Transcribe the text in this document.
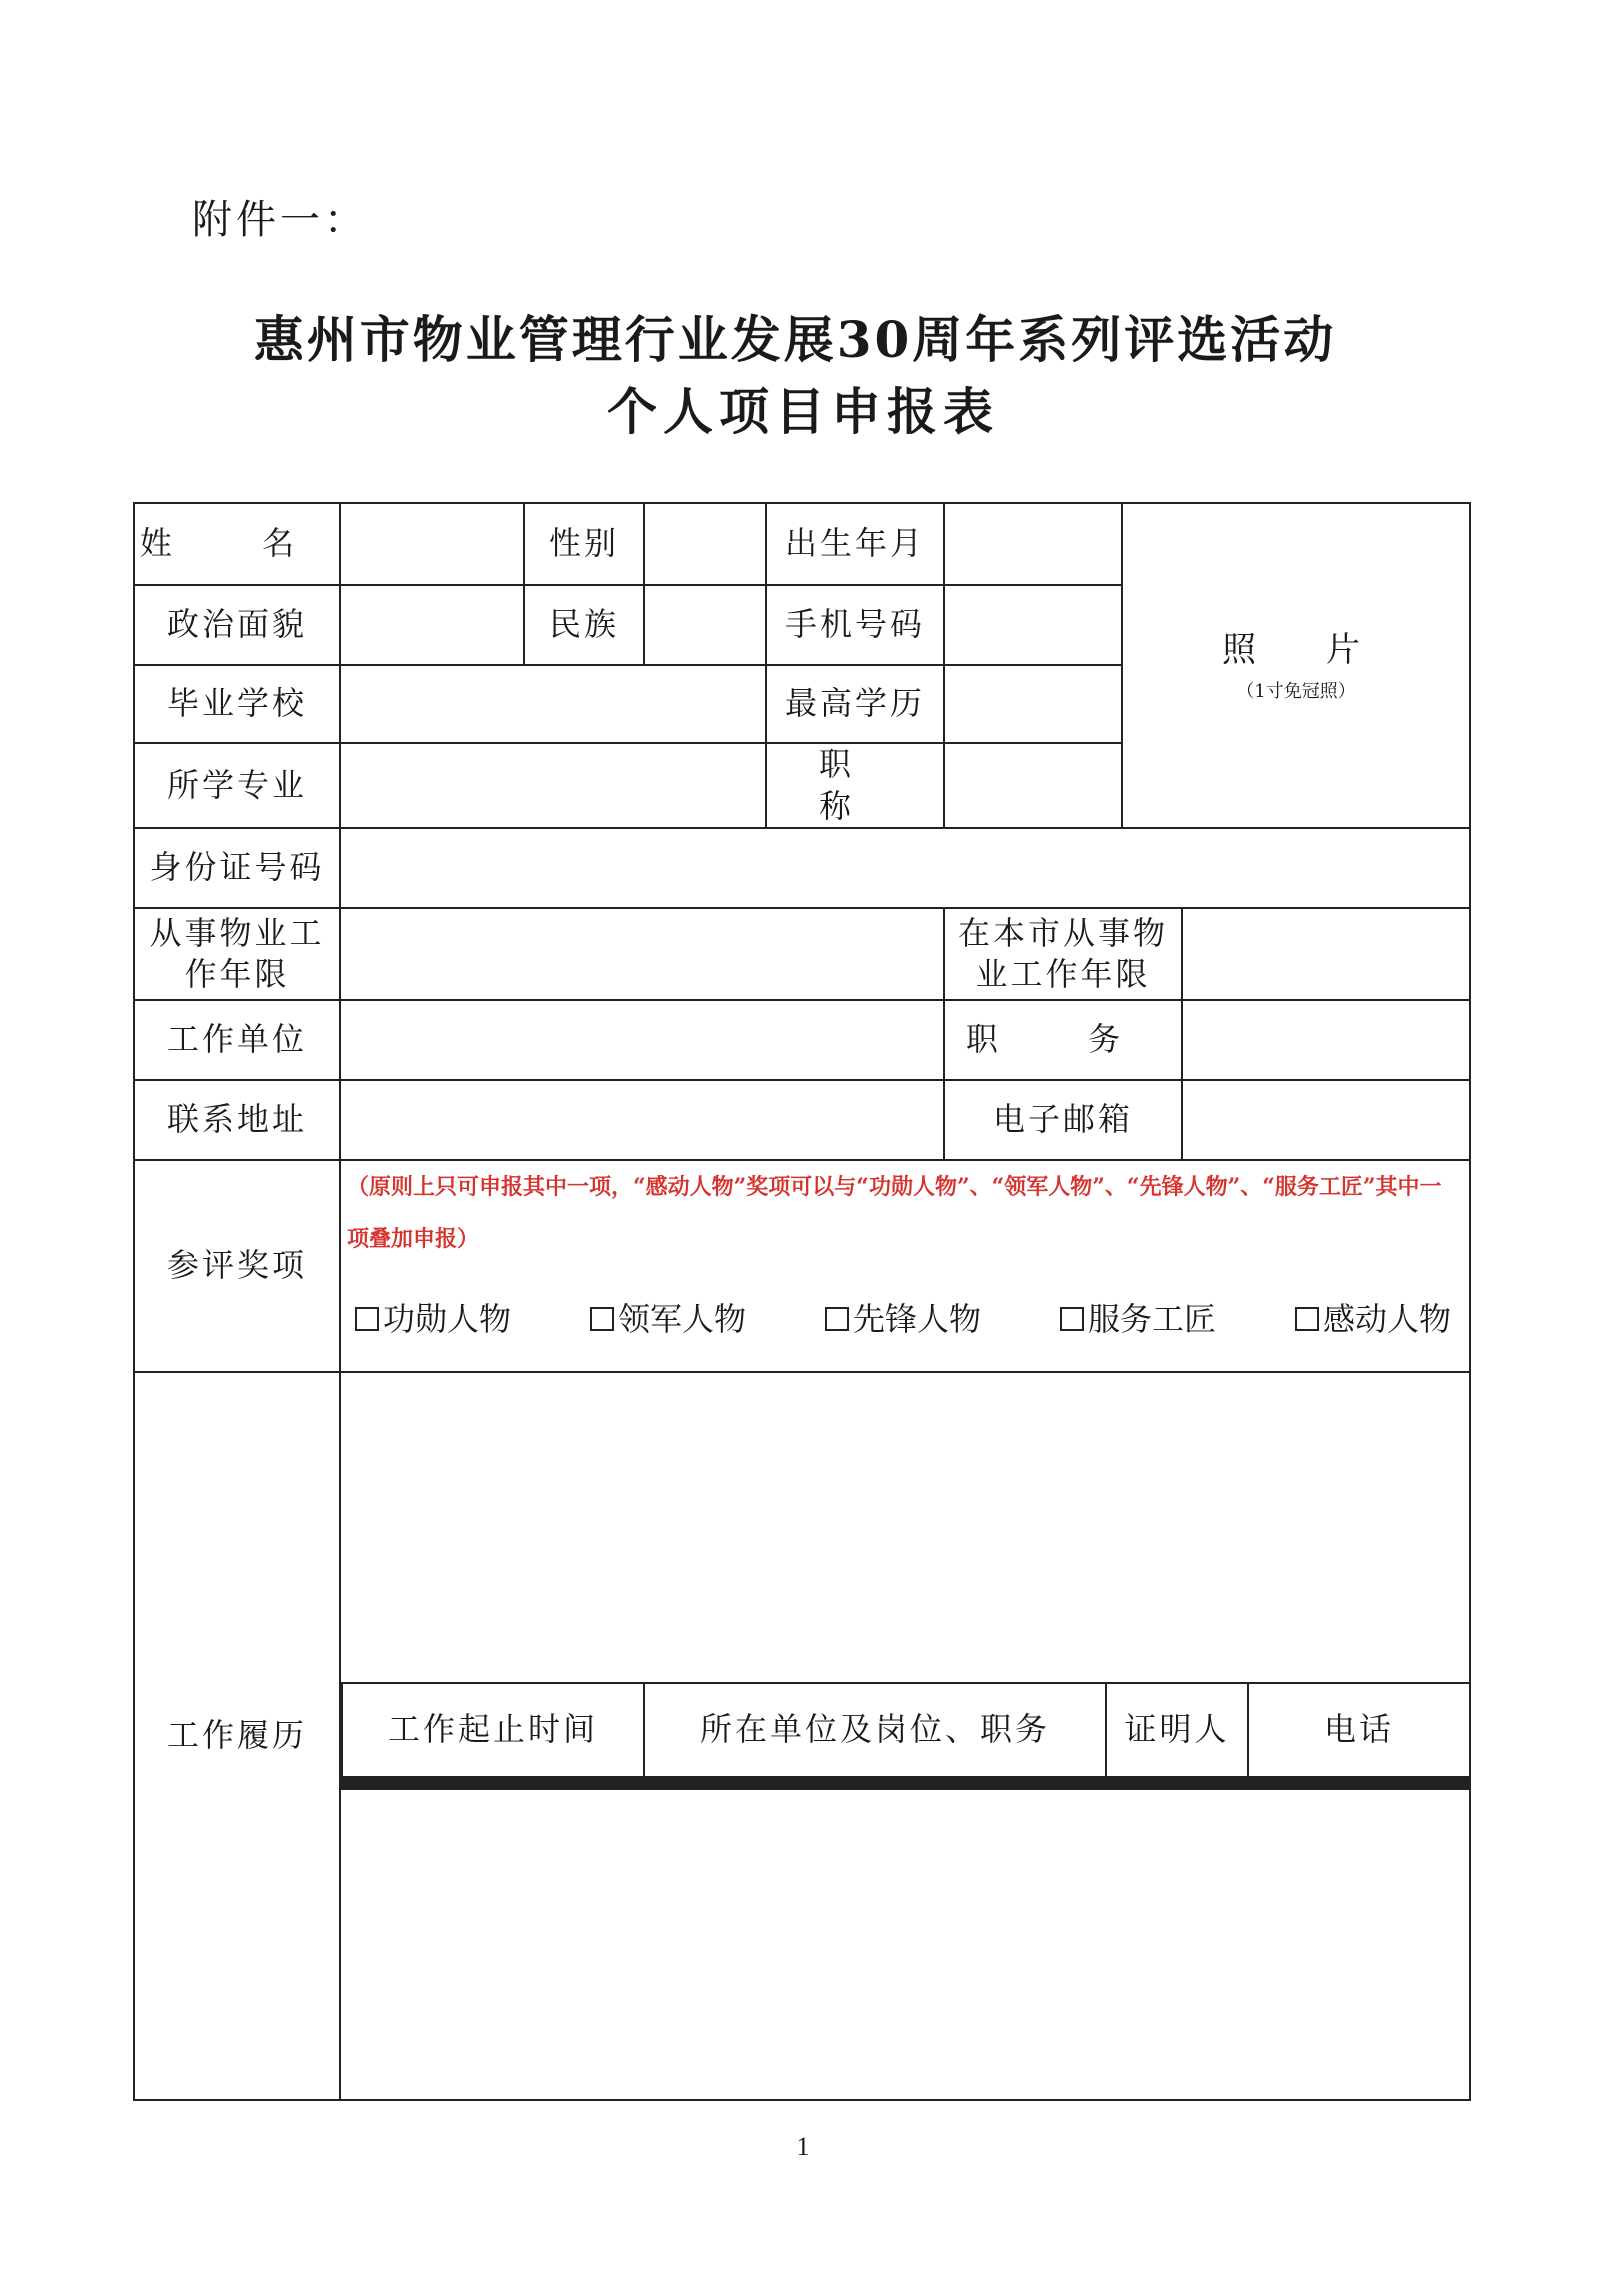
附件一：
惠州市物业管理行业发展30周年系列评选活动
个人项目申报表
姓 名		性别		出生年月		
照片
（1寸免冠照）

政治面貌		民族		手机号码	
毕业学校		最高学历	
所学专业		职 称	
身份证号码	
从事物业工作年限		在本市从事物业工作年限	
工作单位		职 务	
联系地址		电子邮箱	
参评奖项	
（原则上只可申报其中一项，“感动人物”奖项可以与“功勋人物”、“领军人物”、“先锋人物”、“服务工匠”其中一项叠加申报）
功勋人物	领军人物	先锋人物	服务工匠	感动人物

工作履历		工作起止时间	所在单位及岗位、职务	证明人	电话

1
